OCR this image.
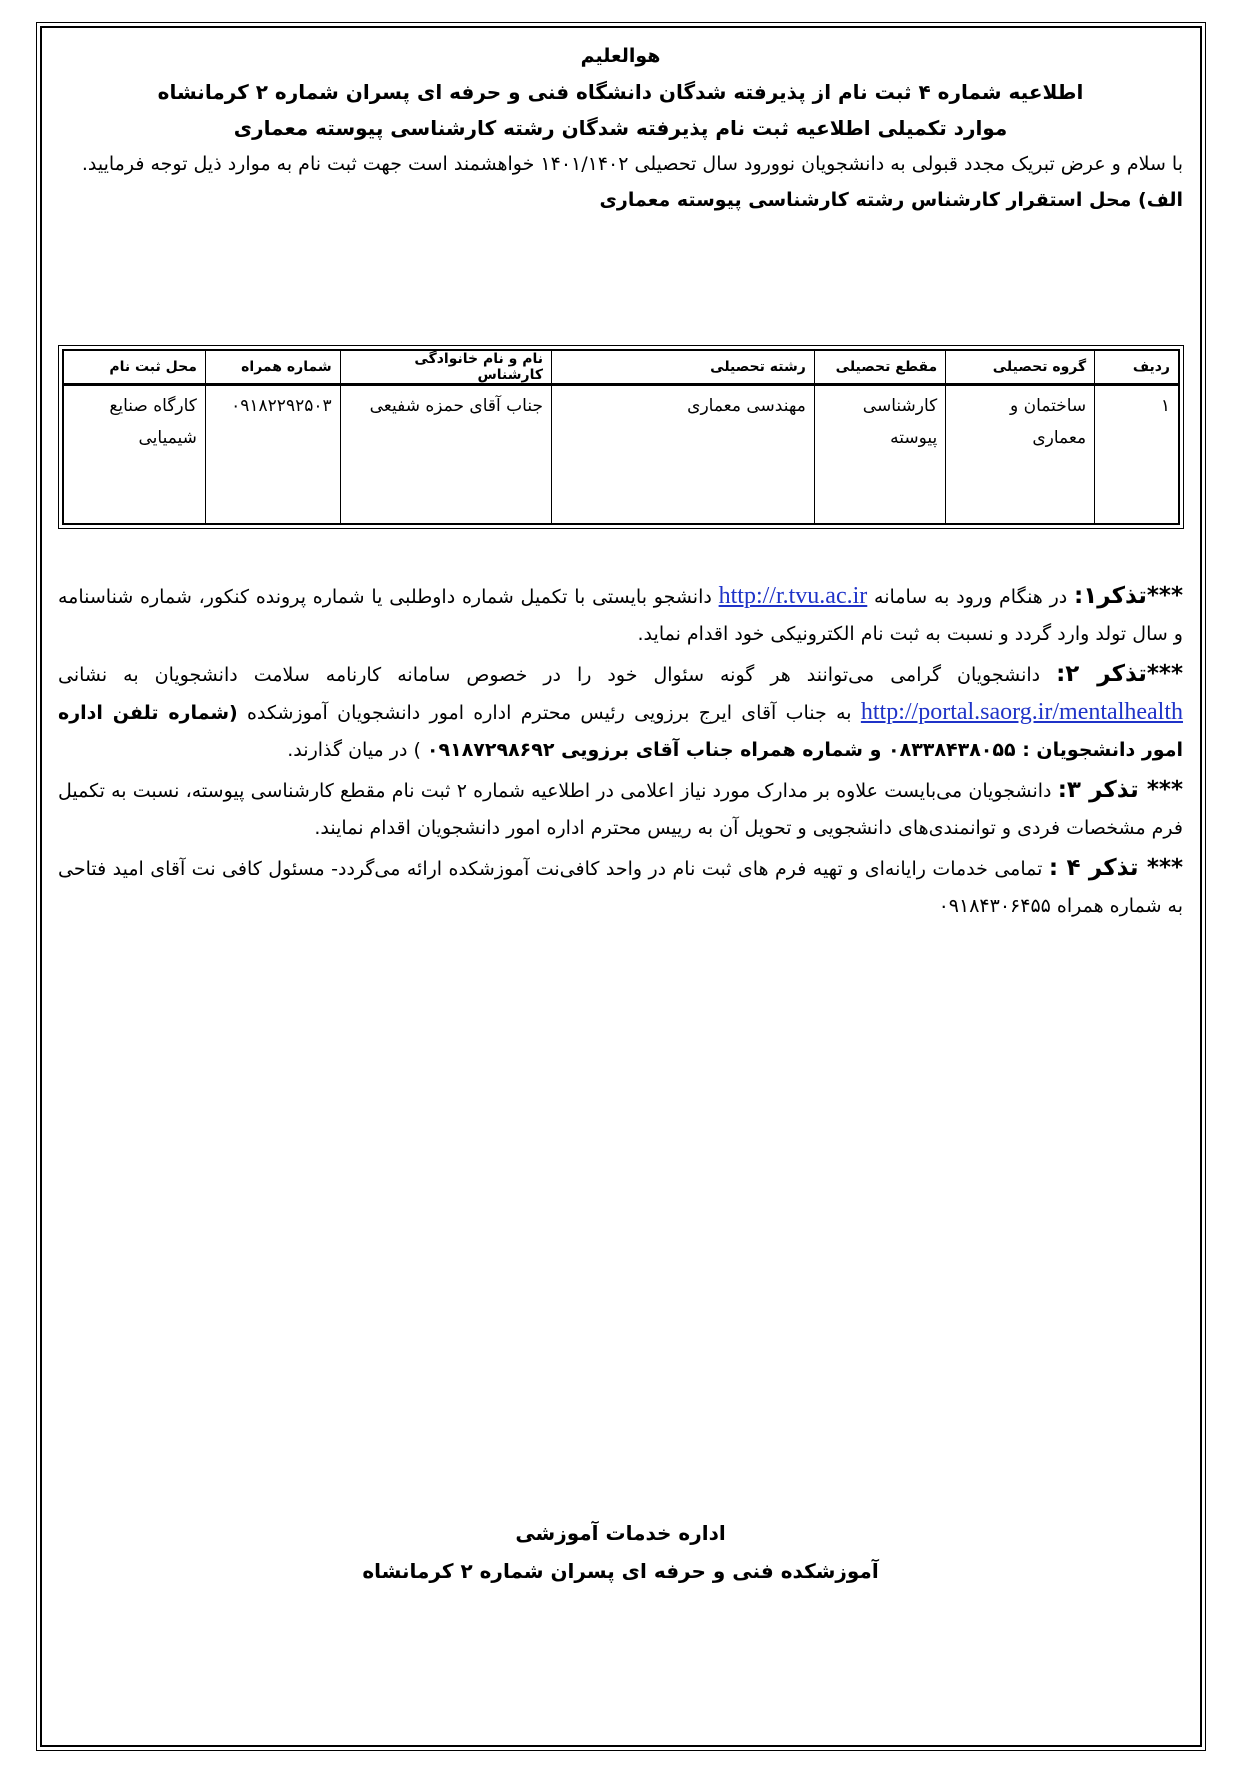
هوالعلیم

اطلاعیه شماره ۴ ثبت نام از پذیرفته شدگان دانشگاه فنی و حرفه ای پسران شماره ۲ کرمانشاه

موارد تکمیلی اطلاعیه ثبت نام پذیرفته شدگان رشته کارشناسی پیوسته معماری

با سلام و عرض تبریک مجدد قبولی به دانشجویان نوورود سال تحصیلی ۱۴۰۱/۱۴۰۲ خواهشمند است جهت ثبت نام به موارد ذیل توجه فرمایید.

الف) محل استقرار کارشناس رشته کارشناسی پیوسته معماری

ردیف	گروه تحصیلی	مقطع تحصیلی	رشته تحصیلی	نام و نام خانوادگی کارشناس	شماره همراه	محل ثبت نام
۱	ساختمان و معماری	کارشناسی پیوسته	مهندسی معماری	جناب آقای حمزه شفیعی	۰۹۱۸۲۲۹۲۵۰۳	کارگاه صنایع شیمیایی

***تذکر۱: در هنگام ورود به سامانه http://r.tvu.ac.ir دانشجو بایستی با تکمیل شماره داوطلبی یا شماره پرونده کنکور، شماره شناسنامه و سال تولد وارد گردد و نسبت به ثبت نام الکترونیکی خود اقدام نماید.

***تذکر ۲: دانشجویان گرامی می‌توانند هر گونه سئوال خود را در خصوص سامانه کارنامه سلامت دانشجویان به نشانی http://portal.saorg.ir/mentalhealth به جناب آقای ایرج برزویی رئیس محترم اداره امور دانشجویان آموزشکده (شماره تلفن اداره امور دانشجویان : ۰۸۳۳۸۴۳۸۰۵۵ و شماره همراه جناب آقای برزویی ۰۹۱۸۷۲۹۸۶۹۲ ) در میان گذارند.

*** تذکر ۳: دانشجویان می‌بایست علاوه بر مدارک مورد نیاز اعلامی در اطلاعیه شماره ۲ ثبت نام مقطع کارشناسی پیوسته، نسبت به تکمیل فرم مشخصات فردی و توانمندی‌های دانشجویی و تحویل آن به رییس محترم اداره امور دانشجویان اقدام نمایند.

*** تذکر ۴ : تمامی خدمات رایانه‌ای و تهیه فرم های ثبت نام در واحد کافی‌نت آموزشکده ارائه می‌گردد- مسئول کافی نت آقای امید فتاحی به شماره همراه ۰۹۱۸۴۳۰۶۴۵۵

اداره خدمات آموزشی
آموزشکده فنی و حرفه ای پسران شماره ۲ کرمانشاه
